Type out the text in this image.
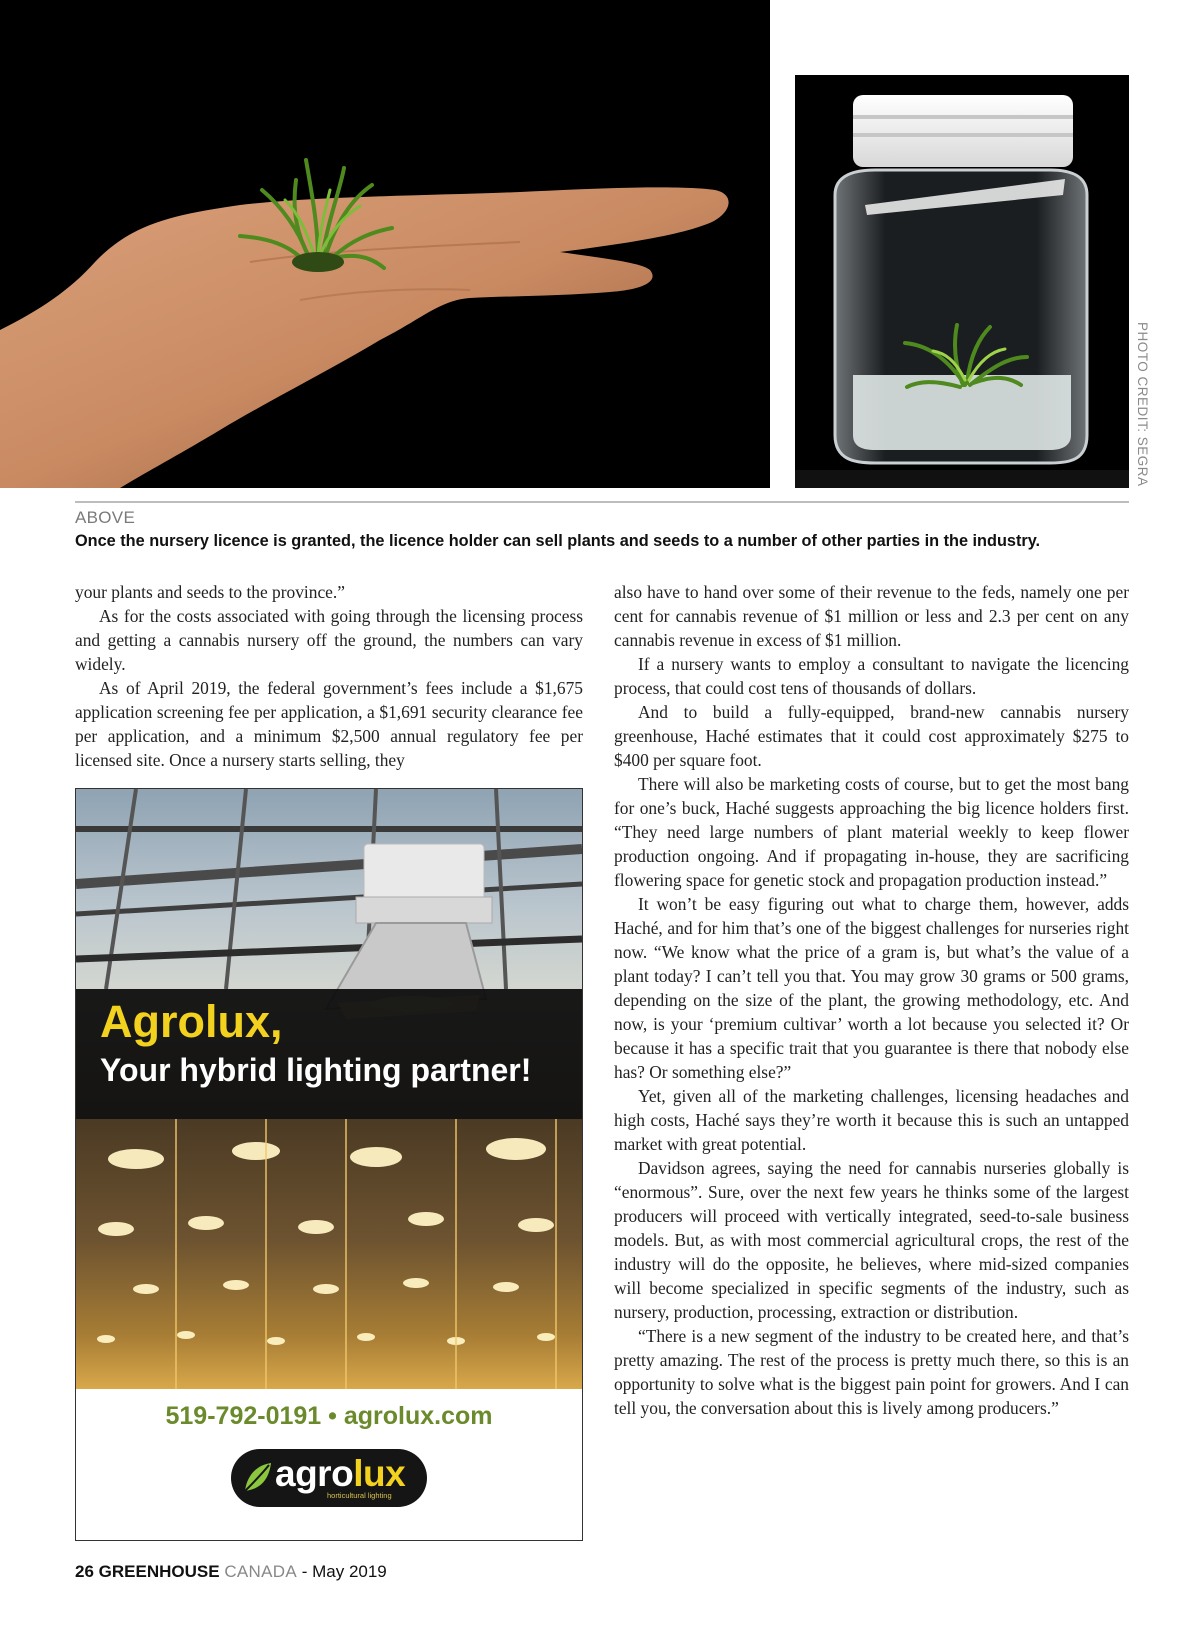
PHOTO CREDIT: SEGRA
ABOVE
Once the nursery licence is granted, the licence holder can sell plants and seeds to a number of other parties in the industry.

your plants and seeds to the province.”

As for the costs associated with going through the licensing process and getting a cannabis nursery off the ground, the numbers can vary widely.

As of April 2019, the federal government’s fees include a $1,675 application screening fee per application, a $1,691 security clearance fee per application, and a minimum $2,500 annual regulatory fee per licensed site. Once a nursery starts selling, they

Agrolux,
Your hybrid lighting partner!
519-792-0191 • agrolux.com
agrolux
horticultural lighting

also have to hand over some of their revenue to the feds, namely one per cent for cannabis revenue of $1 million or less and 2.3 per cent on any cannabis revenue in excess of $1 million.

If a nursery wants to employ a consultant to navigate the licencing process, that could cost tens of thousands of dollars.

And to build a fully-equipped, brand-new cannabis nursery greenhouse, Haché estimates that it could cost approximately $275 to $400 per square foot.

There will also be marketing costs of course, but to get the most bang for one’s buck, Haché suggests approaching the big licence holders first. “They need large numbers of plant material weekly to keep flower production ongoing. And if propagating in-house, they are sacrificing flowering space for genetic stock and propagation production instead.”

It won’t be easy figuring out what to charge them, however, adds Haché, and for him that’s one of the biggest challenges for nurseries right now. “We know what the price of a gram is, but what’s the value of a plant today? I can’t tell you that. You may grow 30 grams or 500 grams, depending on the size of the plant, the growing methodology, etc. And now, is your ‘premium cultivar’ worth a lot because you selected it? Or because it has a specific trait that you guarantee is there that nobody else has? Or something else?”

Yet, given all of the marketing challenges, licensing headaches and high costs, Haché says they’re worth it because this is such an untapped market with great potential.

Davidson agrees, saying the need for cannabis nurseries globally is “enormous”. Sure, over the next few years he thinks some of the largest producers will proceed with vertically integrated, seed-to-sale business models. But, as with most commercial agricultural crops, the rest of the industry will do the opposite, he believes, where mid-sized companies will become specialized in specific segments of the industry, such as nursery, production, processing, extraction or distribution.

“There is a new segment of the industry to be created here, and that’s pretty amazing. The rest of the process is pretty much there, so this is an opportunity to solve what is the biggest pain point for growers. And I can tell you, the conversation about this is lively among producers.”

26 GREENHOUSE CANADA - May 2019
